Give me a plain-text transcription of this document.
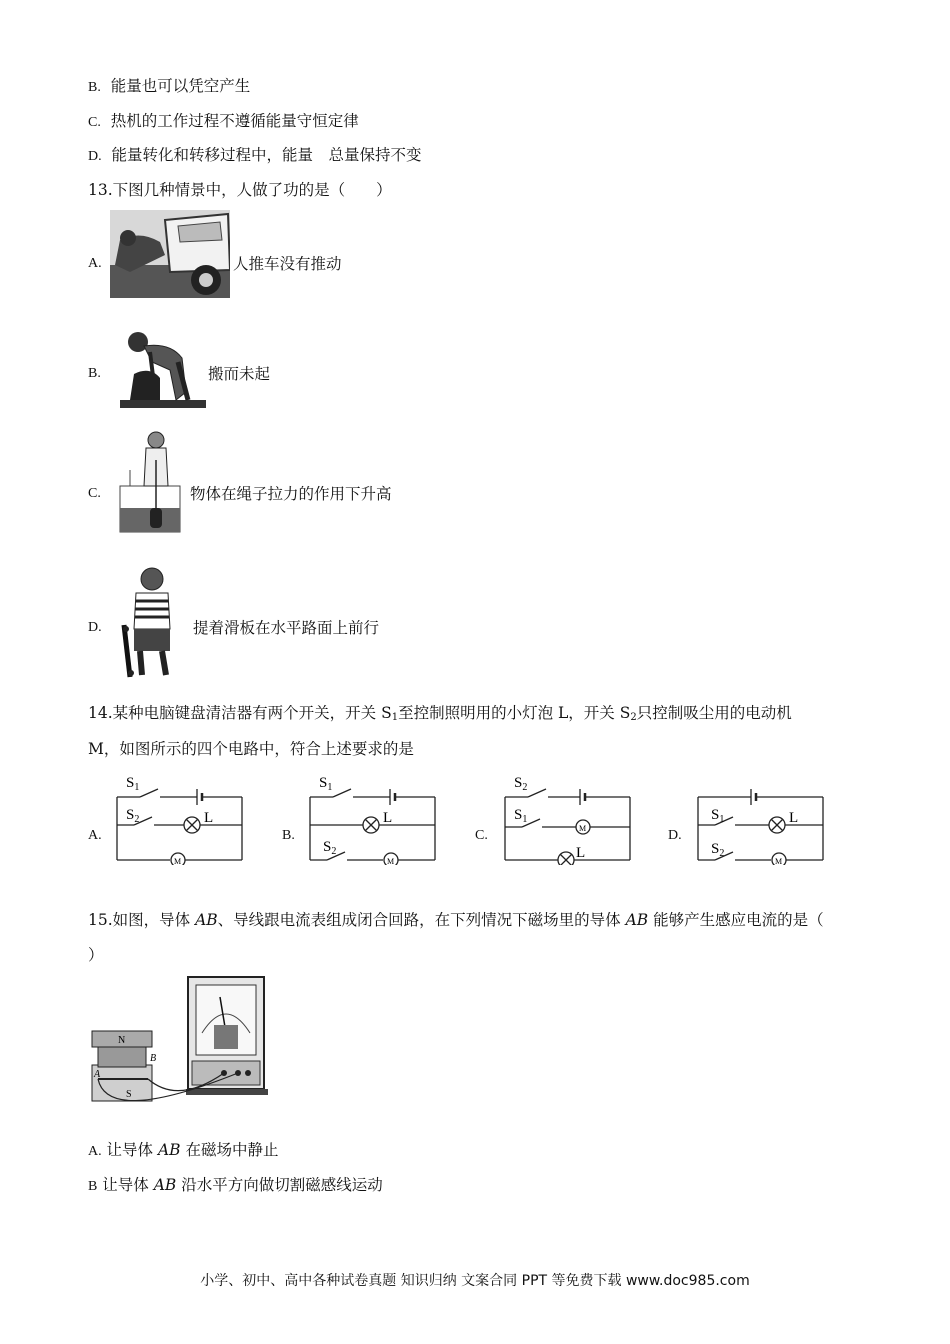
B. 能量也可以凭空产生
C. 热机的工作过程不遵循能量守恒定律
D. 能量转化和转移过程中，能量　总量保持不变
13.下图几种情景中，人做了功的是（　　）
A.	人推车没有推动
B.	搬而未起
C.	物体在绳子拉力的作用下升高
D.	提着滑板在水平路面上前行
14.某种电脑键盘清洁器有两个开关，开关 $S_1$至控制照明用的小灯泡 L，开关 $S_2$只控制吸尘用的电动机
M，如图所示的四个电路中，符合上述要求的是
A.
$S_1$
$S_2$	L
M
B.
$S_1$
L
$S_2$
M
C.
$S_2$
$S_1$
M
L
D.
$S_1$	L
$S_2$
M
15.如图，导体 AB、导线跟电流表组成闭合回路，在下列情况下磁场里的导体 AB 能够产生感应电流的是（
）
N
S
A
B
A. 让导体 AB 在磁场中静止
B 让导体 AB 沿水平方向做切割磁感线运动
小学、初中、高中各种试卷真题 知识归纳 文案合同 PPT 等免费下载 www.doc985.com
